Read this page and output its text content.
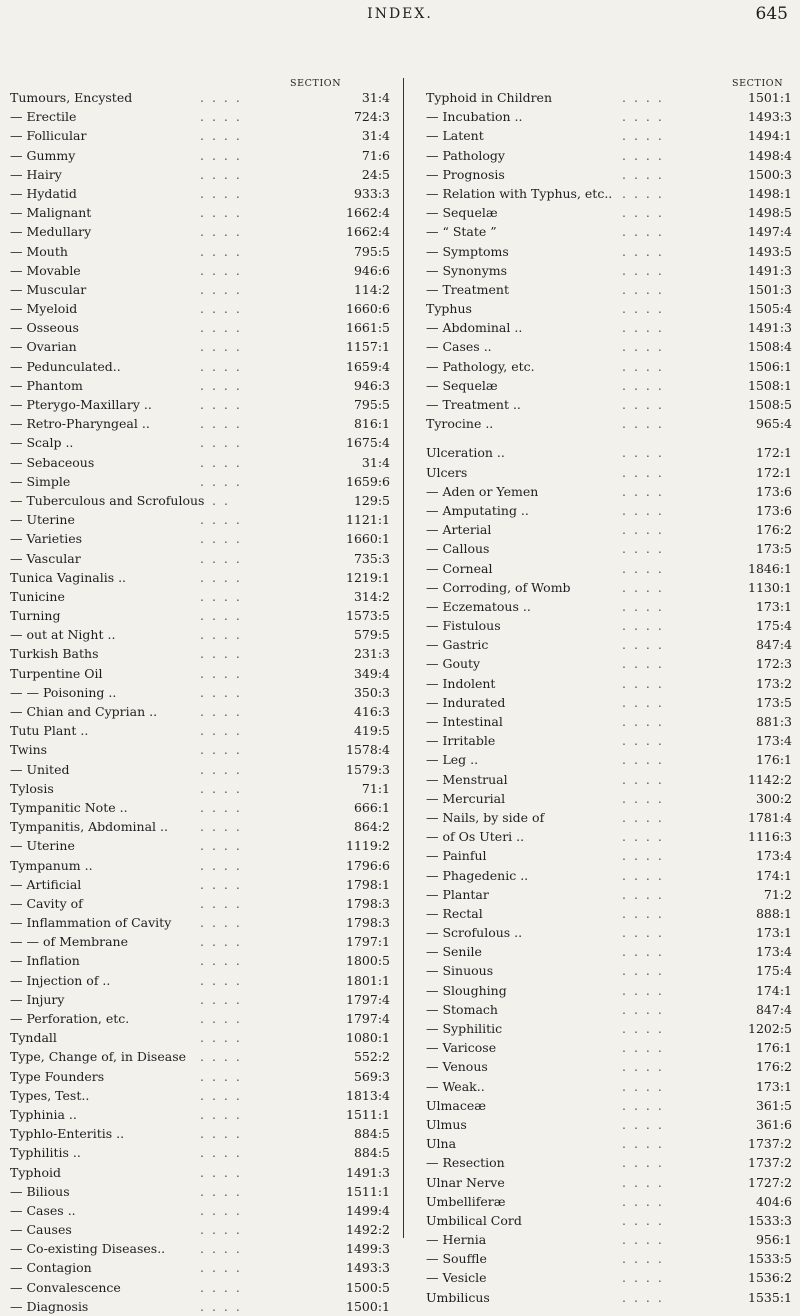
INDEX.	645
SECTION	SECTION
Tumours, Encysted	. . . .	31:4
— Erectile	. . . .	724:3
— Follicular	. . . .	31:4
— Gummy	. . . .	71:6
— Hairy	. . . .	24:5
— Hydatid	. . . .	933:3
— Malignant	. . . .	1662:4
— Medullary	. . . .	1662:4
— Mouth	. . . .	795:5
— Movable	. . . .	946:6
— Muscular	. . . .	114:2
— Myeloid	. . . .	1660:6
— Osseous	. . . .	1661:5
— Ovarian	. . . .	1157:1
— Pedunculated..	. . . .	1659:4
— Phantom	. . . .	946:3
— Pterygo-Maxillary ..	. . . .	795:5
— Retro-Pharyngeal ..	. . . .	816:1
— Scalp ..	. . . .	1675:4
— Sebaceous	. . . .	31:4
— Simple	. . . .	1659:6
— Tuberculous and Scrofulous . .	129:5
— Uterine	. . . .	1121:1
— Varieties	. . . .	1660:1
— Vascular	. . . .	735:3
Tunica Vaginalis ..	. . . .	1219:1
Tunicine	. . . .	314:2
Turning	. . . .	1573:5
— out at Night ..	. . . .	579:5
Turkish Baths	. . . .	231:3
Turpentine Oil	. . . .	349:4
— — Poisoning ..	. . . .	350:3
— Chian and Cyprian ..	. . . .	416:3
Tutu Plant ..	. . . .	419:5
Twins	. . . .	1578:4
— United	. . . .	1579:3
Tylosis	. . . .	71:1
Tympanitic Note ..	. . . .	666:1
Tympanitis, Abdominal ..	. . . .	864:2
— Uterine	. . . .	1119:2
Tympanum ..	. . . .	1796:6
— Artificial	. . . .	1798:1
— Cavity of	. . . .	1798:3
— Inflammation of Cavity . . . .	1798:3
— — of Membrane	. . . .	1797:1
— Inflation	. . . .	1800:5
— Injection of ..	. . . .	1801:1
— Injury	. . . .	1797:4
— Perforation, etc.	. . . .	1797:4
Tyndall	. . . .	1080:1
Type, Change of, in Disease . . . .	552:2
Type Founders	. . . .	569:3
Types, Test..	. . . .	1813:4
Typhinia ..	. . . .	1511:1
Typhlo-Enteritis ..	. . . .	884:5
Typhilitis ..	. . . .	884:5
Typhoid	. . . .	1491:3
— Bilious	. . . .	1511:1
— Cases ..	. . . .	1499:4
— Causes	. . . .	1492:2
— Co-existing Diseases..	. . . .	1499:3
— Contagion	. . . .	1493:3
— Convalescence	. . . .	1500:5
— Diagnosis	. . . .	1500:1
Typhoid in Children	. . . .	1501:1
— Incubation ..	. . . .	1493:3
— Latent	. . . .	1494:1
— Pathology	. . . .	1498:4
— Prognosis	. . . .	1500:3
— Relation with Typhus, etc.. . . . .	1498:1
— Sequelæ	. . . .	1498:5
— “ State ”	. . . .	1497:4
— Symptoms	. . . .	1493:5
— Synonyms	. . . .	1491:3
— Treatment	. . . .	1501:3
Typhus	. . . .	1505:4
— Abdominal ..	. . . .	1491:3
— Cases ..	. . . .	1508:4
— Pathology, etc.	. . . .	1506:1
— Sequelæ	. . . .	1508:1
— Treatment ..	. . . .	1508:5
Tyrocine ..	. . . .	965:4
Ulceration ..	. . . .	172:1
Ulcers	. . . .	172:1
— Aden or Yemen	. . . .	173:6
— Amputating ..	. . . .	173:6
— Arterial	. . . .	176:2
— Callous	. . . .	173:5
— Corneal	. . . .	1846:1
— Corroding, of Womb	. . . .	1130:1
— Eczematous ..	. . . .	173:1
— Fistulous	. . . .	175:4
— Gastric	. . . .	847:4
— Gouty	. . . .	172:3
— Indolent	. . . .	173:2
— Indurated	. . . .	173:5
— Intestinal	. . . .	881:3
— Irritable	. . . .	173:4
— Leg ..	. . . .	176:1
— Menstrual	. . . .	1142:2
— Mercurial	. . . .	300:2
— Nails, by side of	. . . .	1781:4
— of Os Uteri ..	. . . .	1116:3
— Painful	. . . .	173:4
— Phagedenic ..	. . . .	174:1
— Plantar	. . . .	71:2
— Rectal	. . . .	888:1
— Scrofulous ..	. . . .	173:1
— Senile	. . . .	173:4
— Sinuous	. . . .	175:4
— Sloughing	. . . .	174:1
— Stomach	. . . .	847:4
— Syphilitic	. . . .	1202:5
— Varicose	. . . .	176:1
— Venous	. . . .	176:2
— Weak..	. . . .	173:1
Ulmaceæ	. . . .	361:5
Ulmus	. . . .	361:6
Ulna	. . . .	1737:2
— Resection	. . . .	1737:2
Ulnar Nerve	. . . .	1727:2
Umbelliferæ	. . . .	404:6
Umbilical Cord	. . . .	1533:3
— Hernia	. . . .	956:1
— Souffle	. . . .	1533:5
— Vesicle	. . . .	1536:2
Umbilicus	. . . .	1535:1
